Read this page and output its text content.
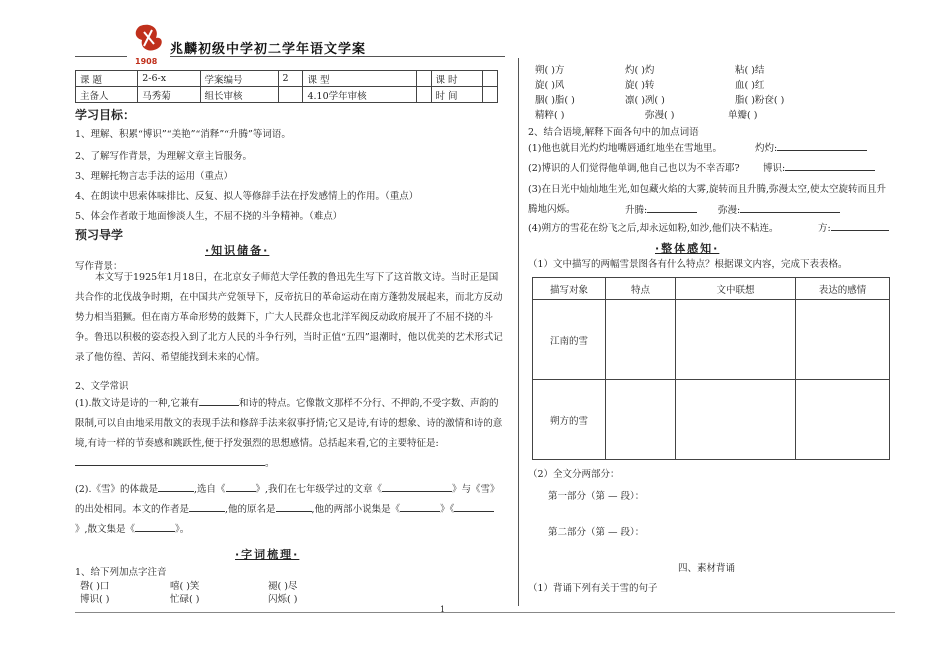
1908
兆麟初级中学初二学年语文学案
课 题	2-6-x	学案编号	2	课 型		课 时	
主备人	马秀菊	组长审核		4.10学年审核		时 间	
学习目标：
1、理解、积累“博识”“美艳”“消释”“升腾”等词语。
2、了解写作背景，为理解文章主旨服务。
3、理解托物言志手法的运用（重点）
4、在朗读中思索体味排比、反复、拟人等修辞手法在抒发感情上的作用。（重点）
5、体会作者敢于地面惨淡人生，不屈不挠的斗争精神。（难点）
预习导学
·知识储备·
写作背景：
本文写于1925年1月18日，在北京女子师范大学任教的鲁迅先生写下了这首散文诗。当时正是国共合作的北伐战争时期，在中国共产党领导下，反帝抗日的革命运动在南方蓬勃发展起来，而北方反动势力相当猖獗。但在南方革命形势的鼓舞下，广大人民群众也北洋军阀反动政府展开了不屈不挠的斗争。鲁迅以积极的姿态投入到了北方人民的斗争行列，当时正值“五四”退潮时，他以优美的艺术形式记录了他仿徨、苦闷、希望能找到未来的心情。
2、文学常识
(1).散文诗是诗的一种,它兼有	和诗的特点。它像散文那样不分行、不押韵,不受字数、声韵的限制,可以自由地采用散文的表现手法和修辞手法来叙事抒情;它又是诗,有诗的想象、诗的激情和诗的意境,有诗一样的节奏感和跳跃性,便于抒发强烈的思想感情。总括起来看,它的主要特征是:。
(2).《雪》的体裁是	,选自《	》,我们在七年级学过的文章《	》与《雪》的出处相同。本文的作者是	,他的原名是	,他的两部小说集是《	》《》,散文集是《	》。
·字词梳理·
1、给下列加点字注音
磬( )口	嘻( )笑	褪( )尽
博识( )	忙碌( )	闪烁( )
朔( )方	灼( )灼	粘( )结
旋( )风	旋( )转	血( )红
胭( )脂( )	凛( )冽( )	脂( )粉奁( )
精粹( )	弥漫( )	单瓣( )
2、结合语境,解释下面各句中的加点词语
(1)他也就目光灼灼地嘴唇通红地坐在雪地里。	灼灼:
(2)博识的人们觉得他单调,他自己也以为不幸否耶? 博识:
(3)在日光中灿灿地生光,如包藏火焰的大雾,旋转而且升腾,弥漫太空,使太空旋转而且升腾地闪烁。	升腾:	弥漫:
(4)朔方的雪花在纷飞之后,却永远如粉,如沙,他们决不粘连。	方:
·整体感知·
（1）文中描写的两幅雪景图各有什么特点？根据课文内容，完成下表表格。
描写对象	特点	文中联想	表达的感情
江南的雪			
朔方的雪			
（2）全文分两部分：
第一部分（第 — 段）：
第二部分（第 — 段）：
四、素材背诵
（1）背诵下列有关于雪的句子
1
